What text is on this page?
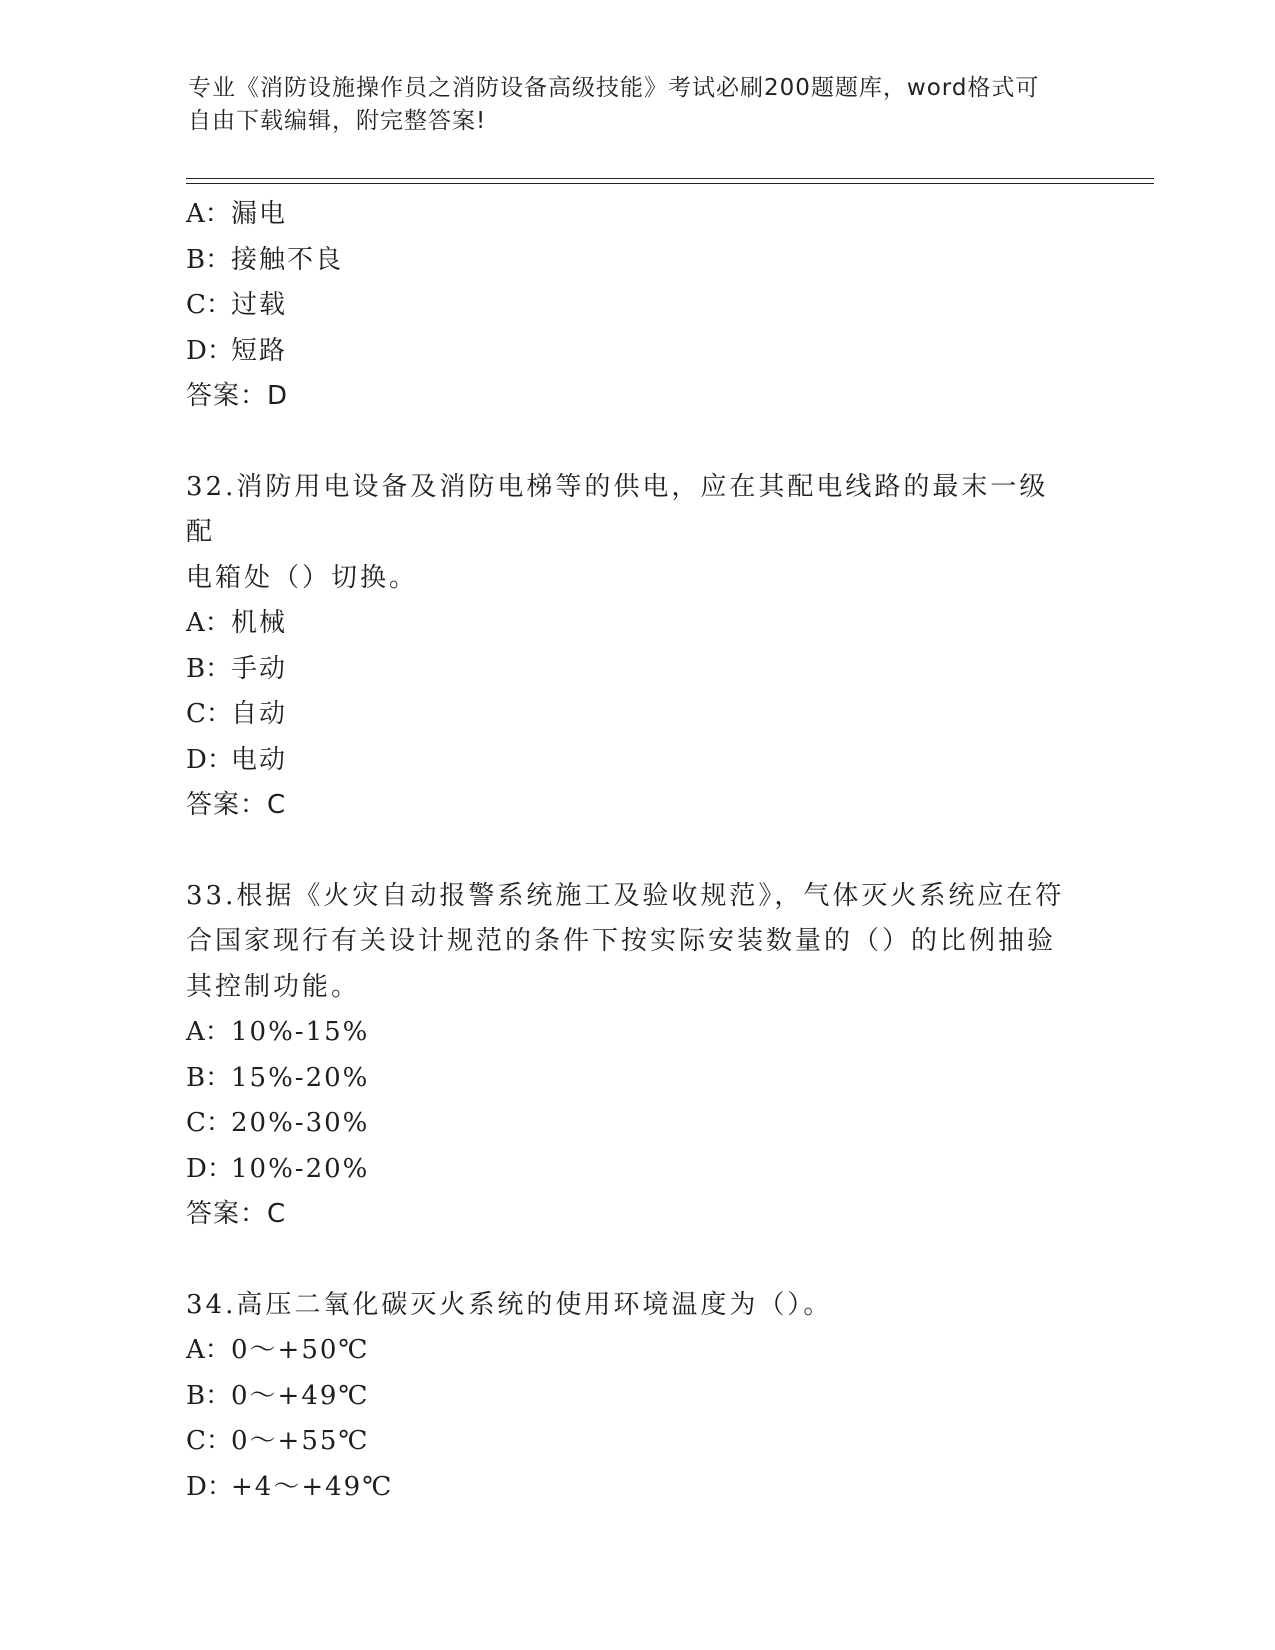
专业《消防设施操作员之消防设备高级技能》考试必刷200题题库，word格式可
自由下载编辑，附完整答案!
A：漏电
B：接触不良
C：过载
D：短路
答案：D
32.消防用电设备及消防电梯等的供电，应在其配电线路的最末一级配
电箱处（）切换。
A：机械
B：手动
C：自动
D：电动
答案：C
33.根据《火灾自动报警系统施工及验收规范》，气体灭火系统应在符
合国家现行有关设计规范的条件下按实际安装数量的（）的比例抽验
其控制功能。
A：10%-15%
B：15%-20%
C：20%-30%
D：10%-20%
答案：C
34.高压二氧化碳灭火系统的使用环境温度为（）。
A：0～+50℃
B：0～+49℃
C：0～+55℃
D：+4～+49℃
